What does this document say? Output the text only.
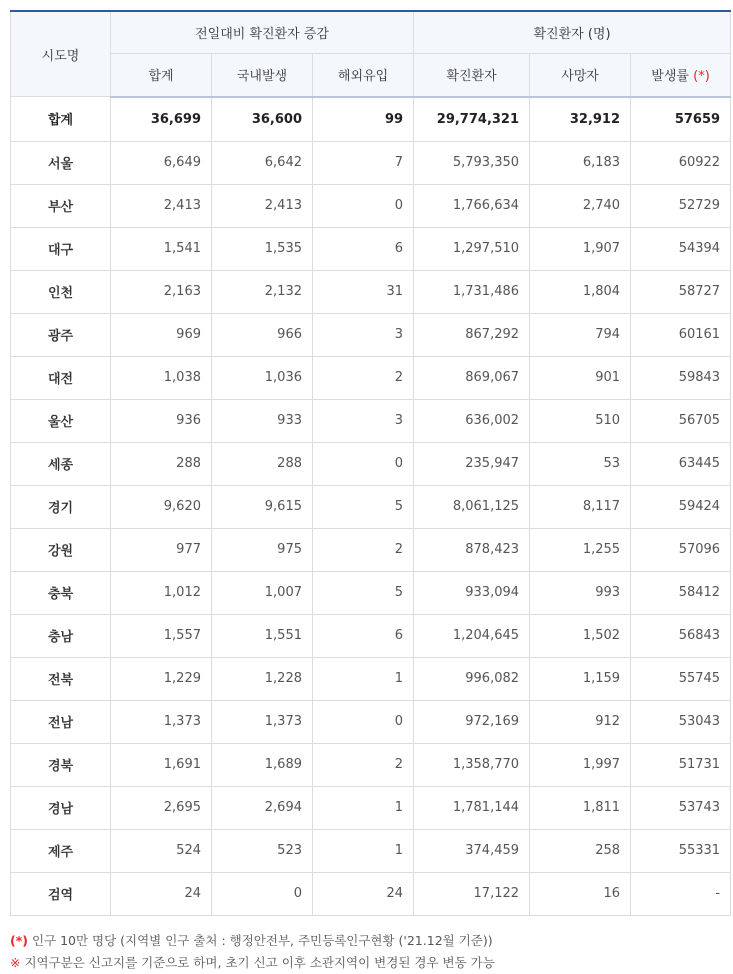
시도명	전일대비 확진환자 증감			확진환자 (명)		
	합계	국내발생	해외유입	확진환자	사망자	발생률 (*)
합계	36,699	36,600	99	29,774,321	32,912	57659
서울	6,649	6,642	7	5,793,350	6,183	60922
부산	2,413	2,413	0	1,766,634	2,740	52729
대구	1,541	1,535	6	1,297,510	1,907	54394
인천	2,163	2,132	31	1,731,486	1,804	58727
광주	969	966	3	867,292	794	60161
대전	1,038	1,036	2	869,067	901	59843
울산	936	933	3	636,002	510	56705
세종	288	288	0	235,947	53	63445
경기	9,620	9,615	5	8,061,125	8,117	59424
강원	977	975	2	878,423	1,255	57096
충북	1,012	1,007	5	933,094	993	58412
충남	1,557	1,551	6	1,204,645	1,502	56843
전북	1,229	1,228	1	996,082	1,159	55745
전남	1,373	1,373	0	972,169	912	53043
경북	1,691	1,689	2	1,358,770	1,997	51731
경남	2,695	2,694	1	1,781,144	1,811	53743
제주	524	523	1	374,459	258	55331
검역	24	0	24	17,122	16	-
(*) 인구 10만 명당 (지역별 인구 출처 : 행정안전부, 주민등록인구현황 ('21.12월 기준))
※ 지역구분은 신고지를 기준으로 하며, 초기 신고 이후 소관지역이 변경된 경우 변동 가능
